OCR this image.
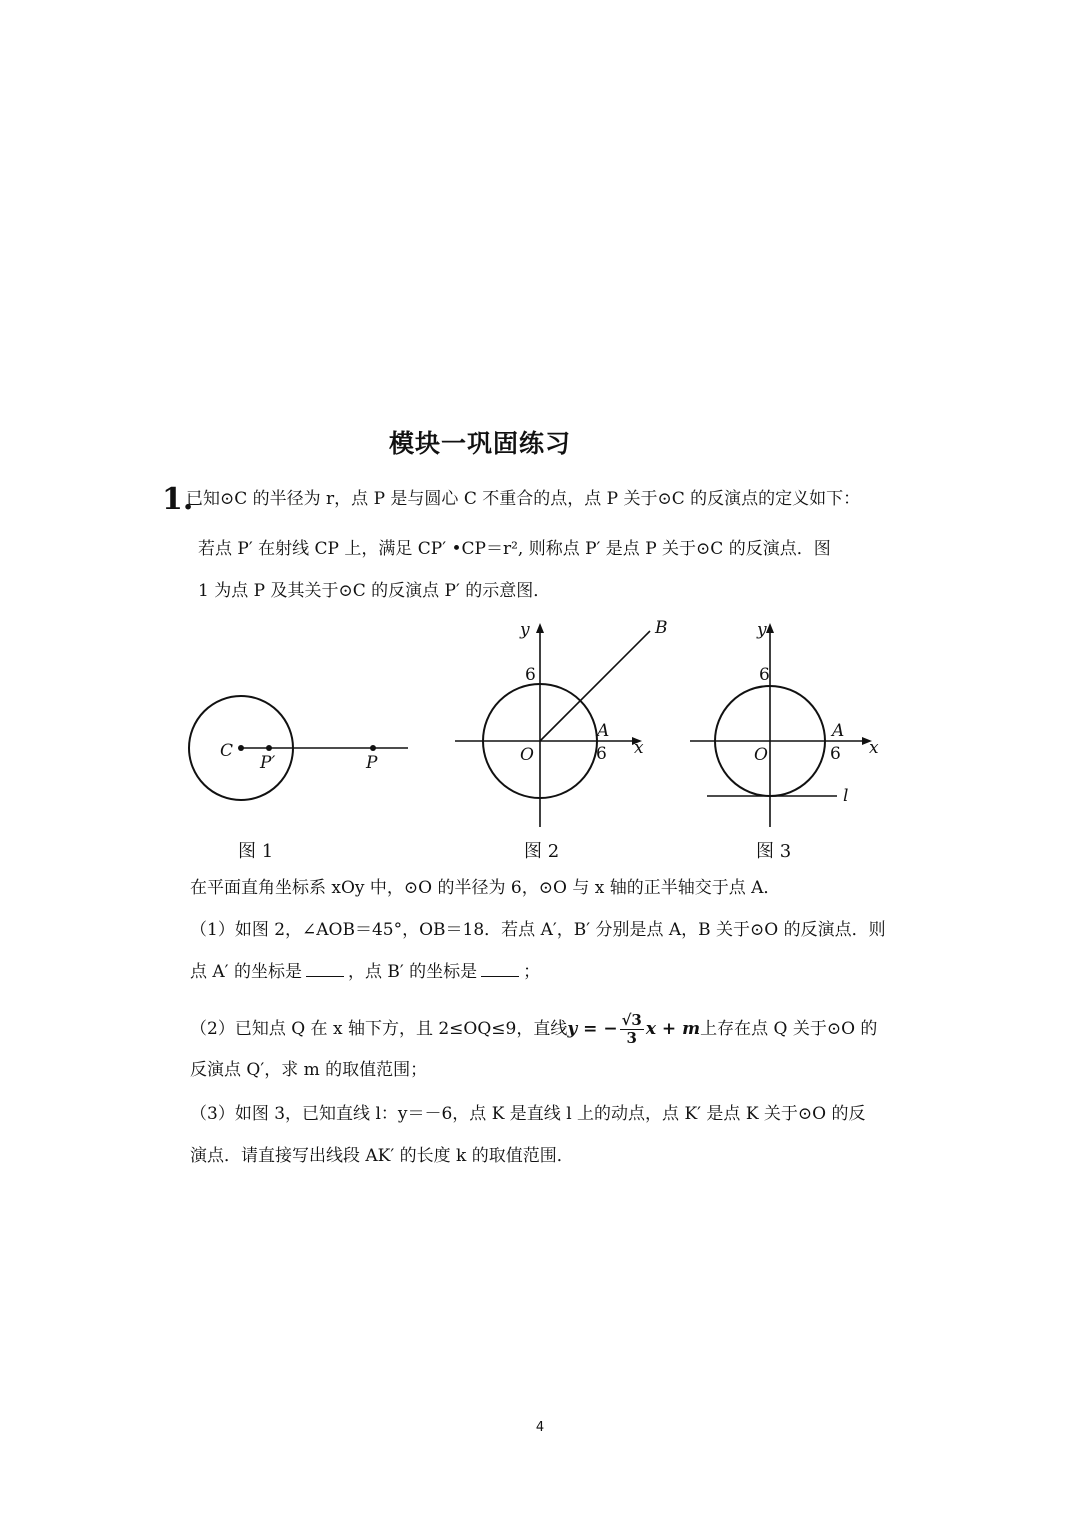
模块一巩固练习
1.
已知⊙C 的半径为 r，点 P 是与圆心 C 不重合的点，点 P 关于⊙C 的反演点的定义如下：
若点 P′ 在射线 CP 上，满足 CP′ •CP＝r², 则称点 P′ 是点 P 关于⊙C 的反演点．图
1 为点 P 及其关于⊙C 的反演点 P′ 的示意图．
C
P′	P
y
x
O
A
B
6
6
y
x
O
A
l
6
6
图 1	图 2	图 3
在平面直角坐标系 xOy 中，⊙O 的半径为 6，⊙O 与 x 轴的正半轴交于点 A．
（1）如图 2，∠AOB＝45°，OB＝18．若点 A′，B′ 分别是点 A，B 关于⊙O 的反演点．则
点 A′ 的坐标是	，点 B′ 的坐标是	；
（2）已知点 Q 在 x 轴下方，且 2≤OQ≤9，直线y = − $\frac{√3}{3}$ x + m上存在点 Q 关于⊙O 的
反演点 Q′，求 m 的取值范围；
（3）如图 3，已知直线 l：y＝－6，点 K 是直线 l 上的动点，点 K′ 是点 K 关于⊙O 的反
演点．请直接写出线段 AK′ 的长度 k 的取值范围．
4
